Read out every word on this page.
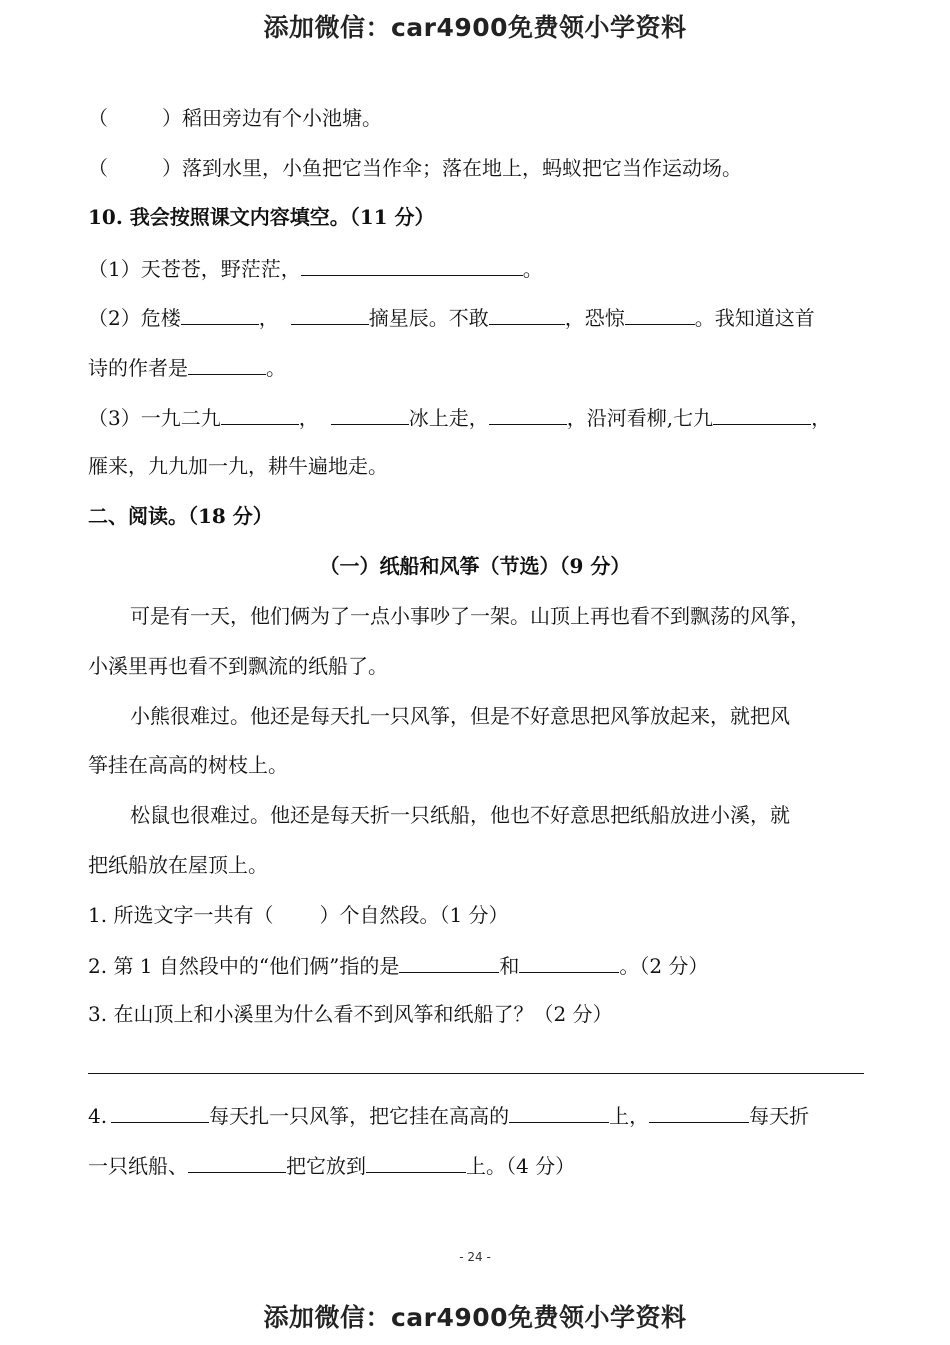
添加微信：car4900免费领小学资料
（	）稻田旁边有个小池塘。
（	）落到水里，小鱼把它当作伞；落在地上，蚂蚁把它当作运动场。
10. 我会按照课文内容填空。（11 分）
（1）天苍苍，野茫茫，	。
（2）危楼	，	摘星辰。不敢	，恐惊	。我知道这首
诗的作者是	。
（3）一九二九	，	冰上走，	，沿河看柳,七九	，
雁来，九九加一九，耕牛遍地走。
二、阅读。（18 分）
（一）纸船和风筝（节选）（9 分）
可是有一天，他们俩为了一点小事吵了一架。山顶上再也看不到飘荡的风筝，
小溪里再也看不到飘流的纸船了。
小熊很难过。他还是每天扎一只风筝，但是不好意思把风筝放起来，就把风
筝挂在高高的树枝上。
松鼠也很难过。他还是每天折一只纸船，他也不好意思把纸船放进小溪，就
把纸船放在屋顶上。
1. 所选文字一共有（ ）个自然段。（1 分）
2. 第 1 自然段中的“他们俩”指的是	和	。（2 分）
3. 在山顶上和小溪里为什么看不到风筝和纸船了？（2 分）
4.	每天扎一只风筝，把它挂在高高的	上，	每天折
一只纸船、	把它放到	上。（4 分）
- 24 -
添加微信：car4900免费领小学资料
